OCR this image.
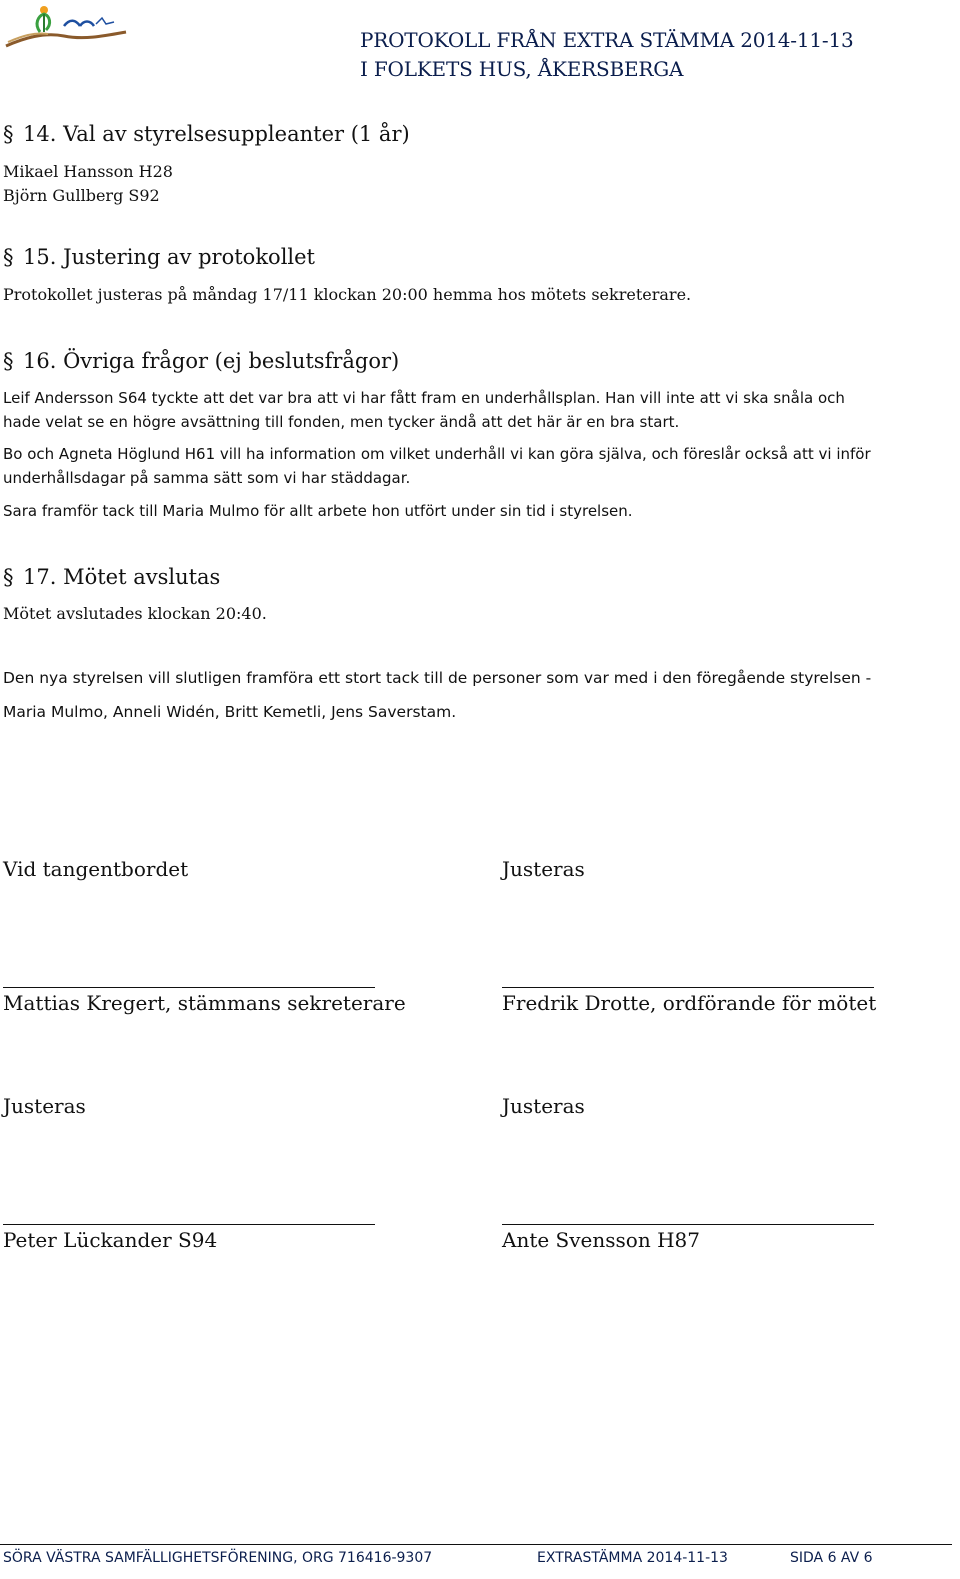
PROTOKOLL FRÅN EXTRA STÄMMA 2014-11-13
I FOLKETS HUS, ÅKERSBERGA
§ 14. Val av styrelsesuppleanter (1 år)
Mikael Hansson H28
Björn Gullberg S92
§ 15. Justering av protokollet
Protokollet justeras på måndag 17/11 klockan 20:00 hemma hos mötets sekreterare.
§ 16. Övriga frågor (ej beslutsfrågor)
Leif Andersson S64 tyckte att det var bra att vi har fått fram en underhållsplan. Han vill inte att vi ska snåla och
hade velat se en högre avsättning till fonden, men tycker ändå att det här är en bra start.
Bo och Agneta Höglund H61 vill ha information om vilket underhåll vi kan göra själva, och föreslår också att vi inför
underhållsdagar på samma sätt som vi har städdagar.
Sara framför tack till Maria Mulmo för allt arbete hon utfört under sin tid i styrelsen.
§ 17. Mötet avslutas
Mötet avslutades klockan 20:40.
Den nya styrelsen vill slutligen framföra ett stort tack till de personer som var med i den föregående styrelsen -
Maria Mulmo, Anneli Widén, Britt Kemetli, Jens Saverstam.
Vid tangentbordet	Justeras
Mattias Kregert, stämmans sekreterare	Fredrik Drotte, ordförande för mötet
Justeras	Justeras
Peter Lückander S94	Ante Svensson H87
SÖRA VÄSTRA SAMFÄLLIGHETSFÖRENING, ORG 716416-9307	EXTRASTÄMMA 2014-11-13	SIDA 6 AV 6
